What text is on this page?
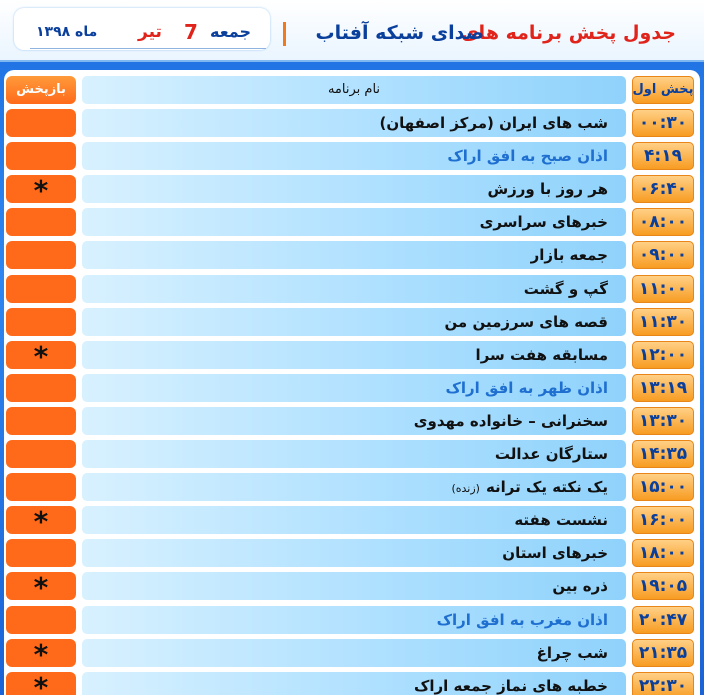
جدول پخش برنامه های
صدای شبکه آفتاب
جمعه
7
تیر
ماه ۱۳۹۸
پخش اول
نام برنامه
بازپخش
۰۰:۳۰
شب های ایران (مرکز اصفهان)
۴:۱۹
اذان صبح به افق اراک
۰۶:۴۰
هر روز با ورزش
*
۰۸:۰۰
خبرهای سراسری
۰۹:۰۰
جمعه بازار
۱۱:۰۰
گپ و گشت
۱۱:۳۰
قصه های سرزمین من
۱۲:۰۰
مسابقه هفت سرا
*
۱۳:۱۹
اذان ظهر به افق اراک
۱۳:۳۰
سخنرانی – خانواده مهدوی
۱۴:۳۵
ستارگان عدالت
۱۵:۰۰
یک نکته یک ترانه(زنده)
۱۶:۰۰
نشست هفته
*
۱۸:۰۰
خبرهای استان
۱۹:۰۵
ذره بین
*
۲۰:۴۷
اذان مغرب به افق اراک
۲۱:۳۵
شب چراغ
*
۲۲:۳۰
خطبه های نماز جمعه اراک
*
